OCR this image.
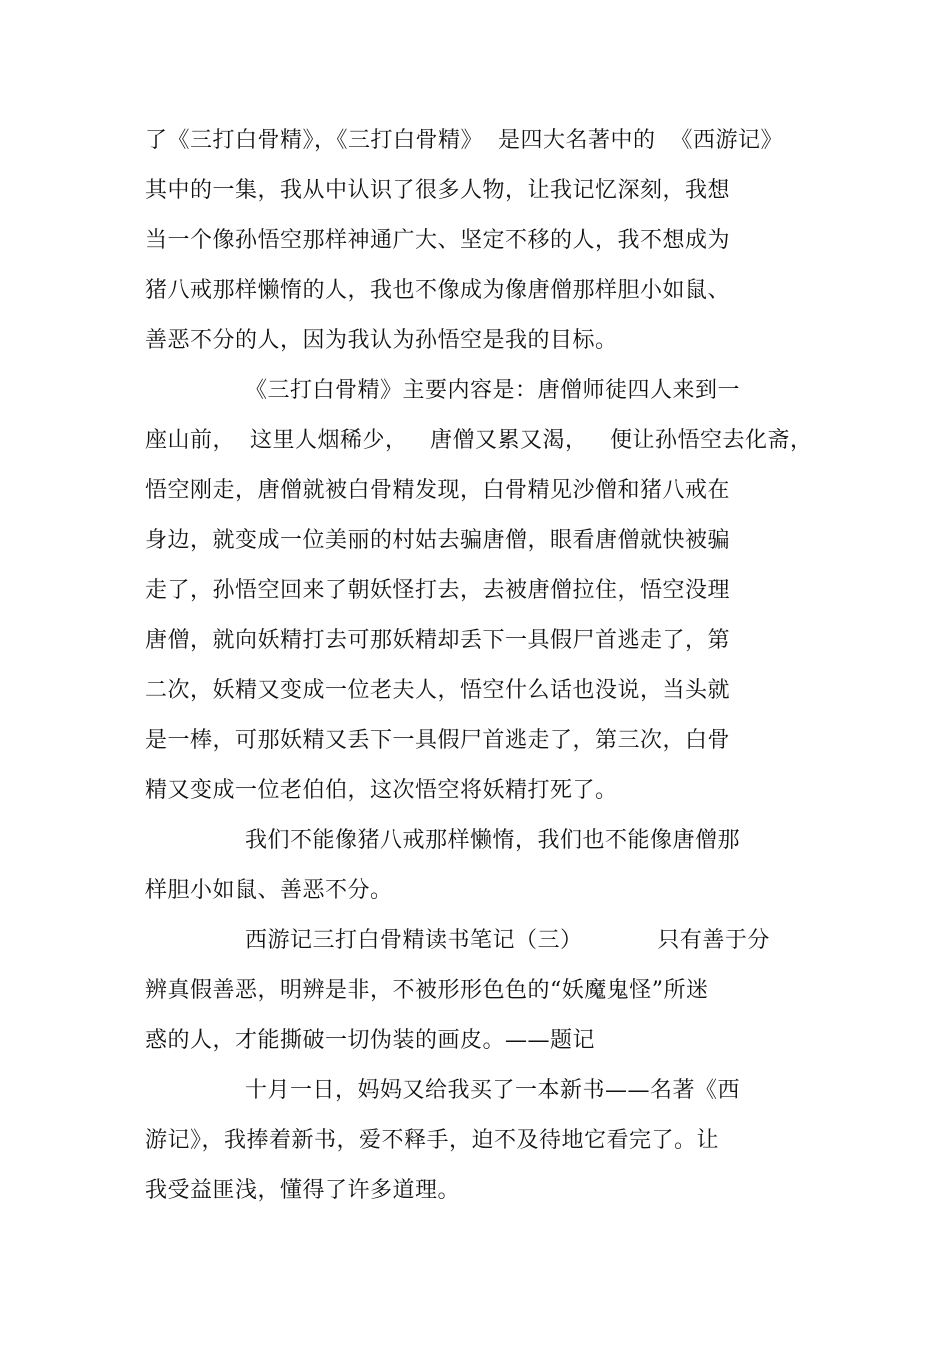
了《三打白骨精》，《三打白骨精》  是四大名著中的  《西游记》
其中的一集，我从中认识了很多人物，让我记忆深刻，我想
当一个像孙悟空那样神通广大、坚定不移的人，我不想成为
猪八戒那样懒惰的人，我也不像成为像唐僧那样胆小如鼠、
善恶不分的人，因为我认为孙悟空是我的目标。
《三打白骨精》主要内容是：唐僧师徒四人来到一
座山前，  这里人烟稀少，   唐僧又累又渴，   便让孙悟空去化斋，
悟空刚走，唐僧就被白骨精发现，白骨精见沙僧和猪八戒在
身边，就变成一位美丽的村姑去骗唐僧，眼看唐僧就快被骗
走了，孙悟空回来了朝妖怪打去，去被唐僧拉住，悟空没理
唐僧，就向妖精打去可那妖精却丢下一具假尸首逃走了，第
二次，妖精又变成一位老夫人，悟空什么话也没说，当头就
是一棒，可那妖精又丢下一具假尸首逃走了，第三次，白骨
精又变成一位老伯伯，这次悟空将妖精打死了。
我们不能像猪八戒那样懒惰，我们也不能像唐僧那
样胆小如鼠、善恶不分。
西游记三打白骨精读书笔记（三）          只有善于分
辨真假善恶，明辨是非，不被形形色色的“妖魔鬼怪”所迷
惑的人，才能撕破一切伪装的画皮。——题记
十月一日，妈妈又给我买了一本新书——名著《西
游记》，我捧着新书，爱不释手，迫不及待地它看完了。让
我受益匪浅，懂得了许多道理。
